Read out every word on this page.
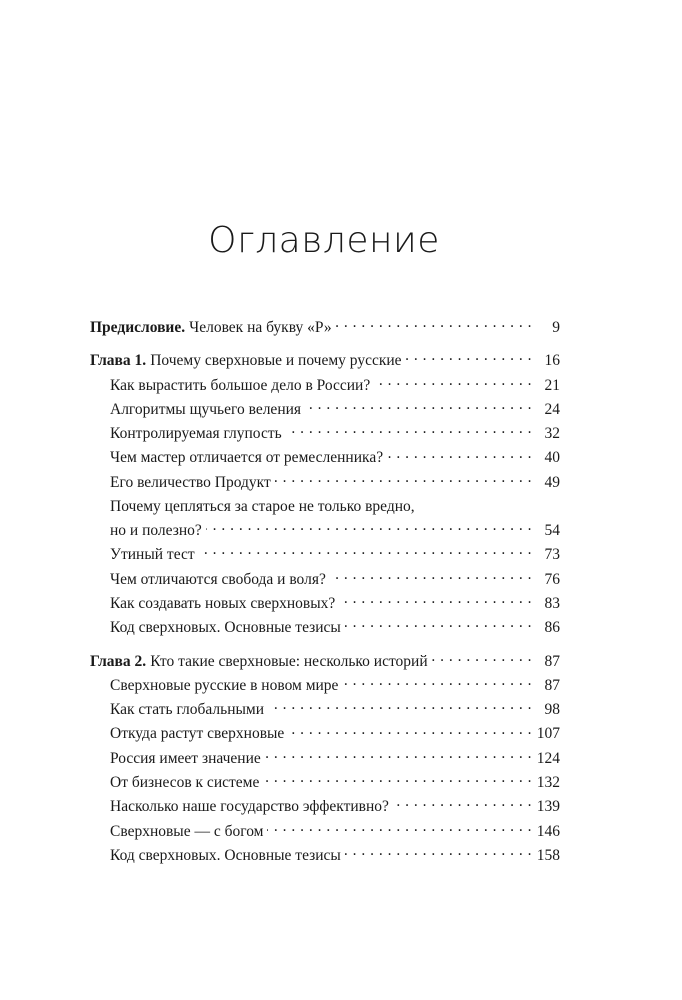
Оглавление
Предисловие. Человек на букву «Р» . . .	9
Глава 1. Почему сверхновые и почему русские . . .	16
Как вырастить большое дело в России? . . .	21
Алгоритмы щучьего веления . . .	24
Контролируемая глупость . . .	32
Чем мастер отличается от ремесленника? . . .	40
Его величество Продукт . . .	49
Почему цепляться за старое не только вредно,
но и полезно? . . .	54
Утиный тест . . .	73
Чем отличаются свобода и воля? . . .	76
Как создавать новых сверхновых? . . .	83
Код сверхновых. Основные тезисы . . .	86
Глава 2. Кто такие сверхновые: несколько историй . . .	87
Сверхновые русские в новом мире . . .	87
Как стать глобальными . . .	98
Откуда растут сверхновые . . .	107
Россия имеет значение . . .	124
От бизнесов к системе . . .	132
Насколько наше государство эффективно? . . .	139
Сверхновые — с богом . . .	146
Код сверхновых. Основные тезисы . . .	158
